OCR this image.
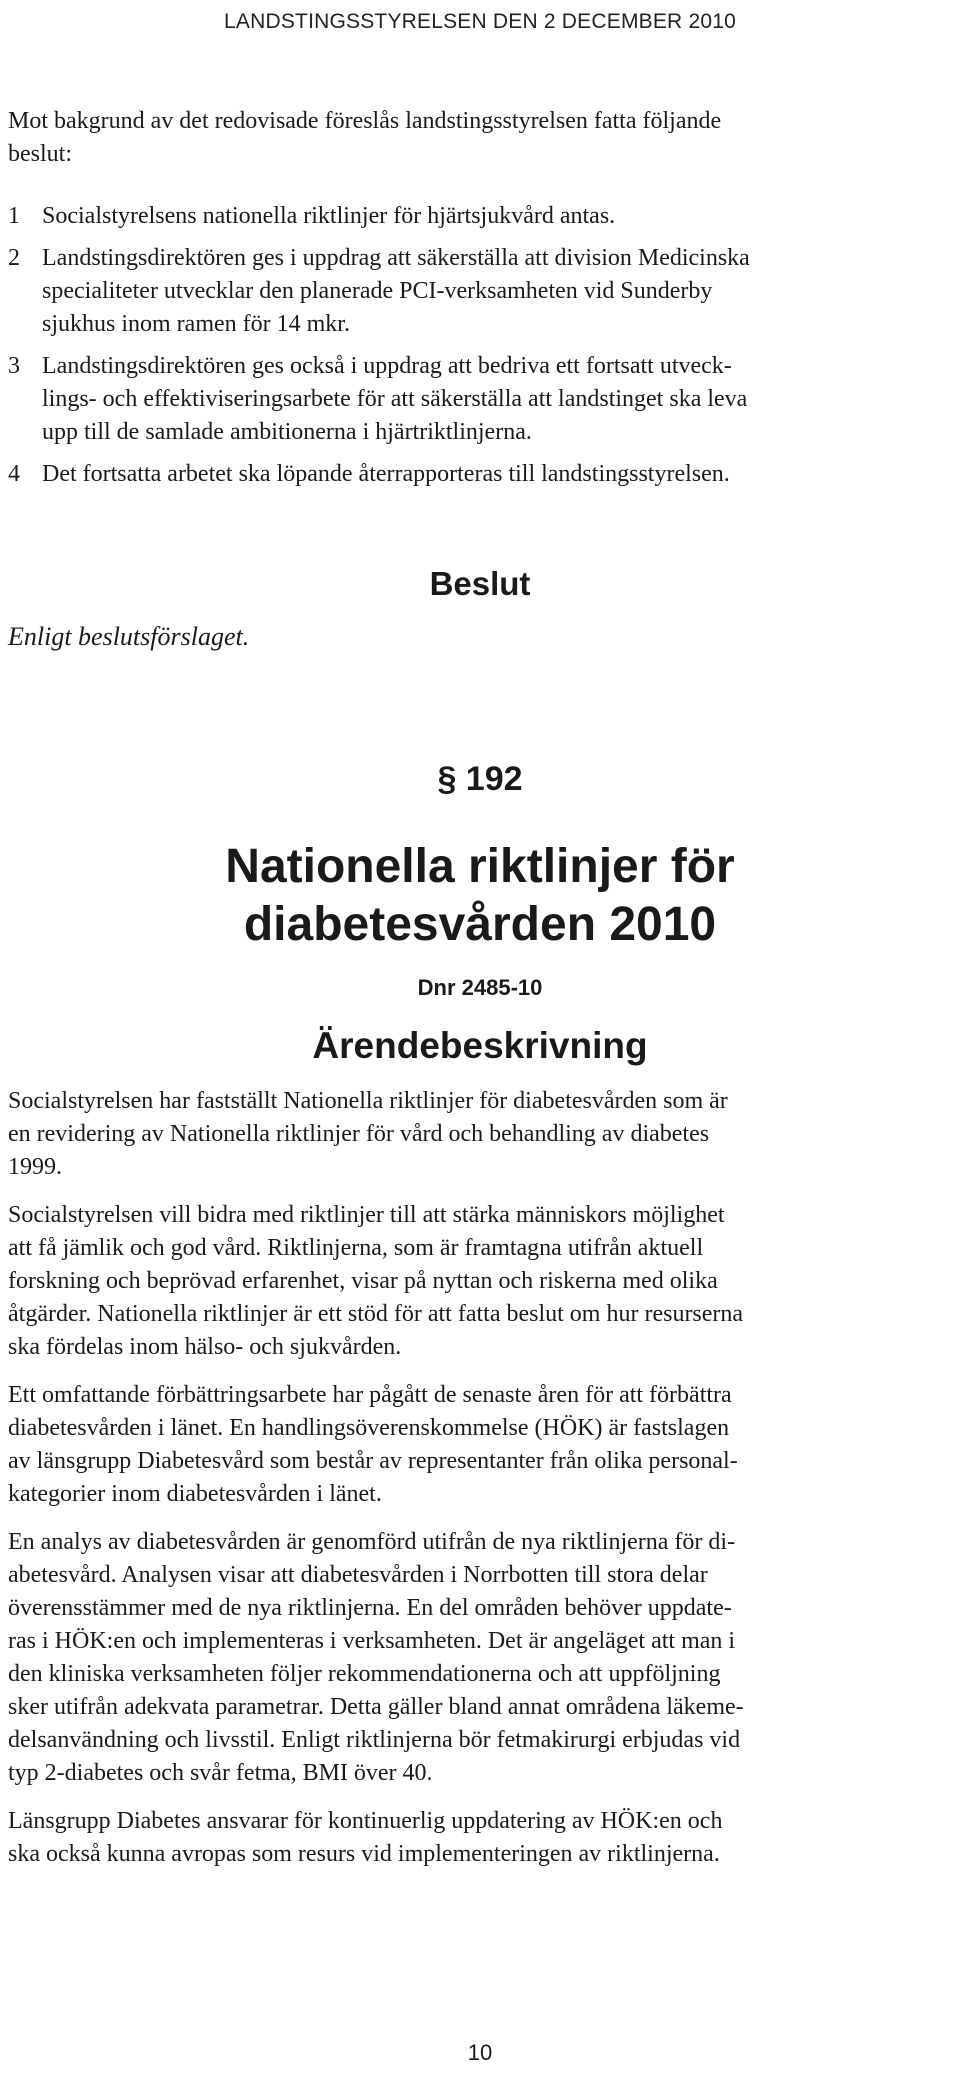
LANDSTINGSSTYRELSEN DEN 2 DECEMBER 2010

Mot bakgrund av det redovisade föreslås landstingsstyrelsen fatta följande
beslut:

1 Socialstyrelsens nationella riktlinjer för hjärtsjukvård antas.
2 Landstingsdirektören ges i uppdrag att säkerställa att division Medicinska
specialiteter utvecklar den planerade PCI-verksamheten vid Sunderby
sjukhus inom ramen för 14 mkr.
3 Landstingsdirektören ges också i uppdrag att bedriva ett fortsatt utveck-
lings- och effektiviseringsarbete för att säkerställa att landstinget ska leva
upp till de samlade ambitionerna i hjärtriktlinjerna.
4 Det fortsatta arbetet ska löpande återrapporteras till landstingsstyrelsen.
Beslut

Enligt beslutsförslaget.

§ 192
Nationella riktlinjer för
diabetesvården 2010
Dnr 2485-10
Ärendebeskrivning

Socialstyrelsen har fastställt Nationella riktlinjer för diabetesvården som är
en revidering av Nationella riktlinjer för vård och behandling av diabetes
1999.

Socialstyrelsen vill bidra med riktlinjer till att stärka människors möjlighet
att få jämlik och god vård. Riktlinjerna, som är framtagna utifrån aktuell
forskning och beprövad erfarenhet, visar på nyttan och riskerna med olika
åtgärder. Nationella riktlinjer är ett stöd för att fatta beslut om hur resurserna
ska fördelas inom hälso- och sjukvården.

Ett omfattande förbättringsarbete har pågått de senaste åren för att förbättra
diabetesvården i länet. En handlingsöverenskommelse (HÖK) är fastslagen
av länsgrupp Diabetesvård som består av representanter från olika personal-
kategorier inom diabetesvården i länet.

En analys av diabetesvården är genomförd utifrån de nya riktlinjerna för di-
abetesvård. Analysen visar att diabetesvården i Norrbotten till stora delar
överensstämmer med de nya riktlinjerna. En del områden behöver uppdate-
ras i HÖK:en och implementeras i verksamheten. Det är angeläget att man i
den kliniska verksamheten följer rekommendationerna och att uppföljning
sker utifrån adekvata parametrar. Detta gäller bland annat områdena läkeme-
delsanvändning och livsstil. Enligt riktlinjerna bör fetmakirurgi erbjudas vid
typ 2-diabetes och svår fetma, BMI över 40.

Länsgrupp Diabetes ansvarar för kontinuerlig uppdatering av HÖK:en och
ska också kunna avropas som resurs vid implementeringen av riktlinjerna.

10
